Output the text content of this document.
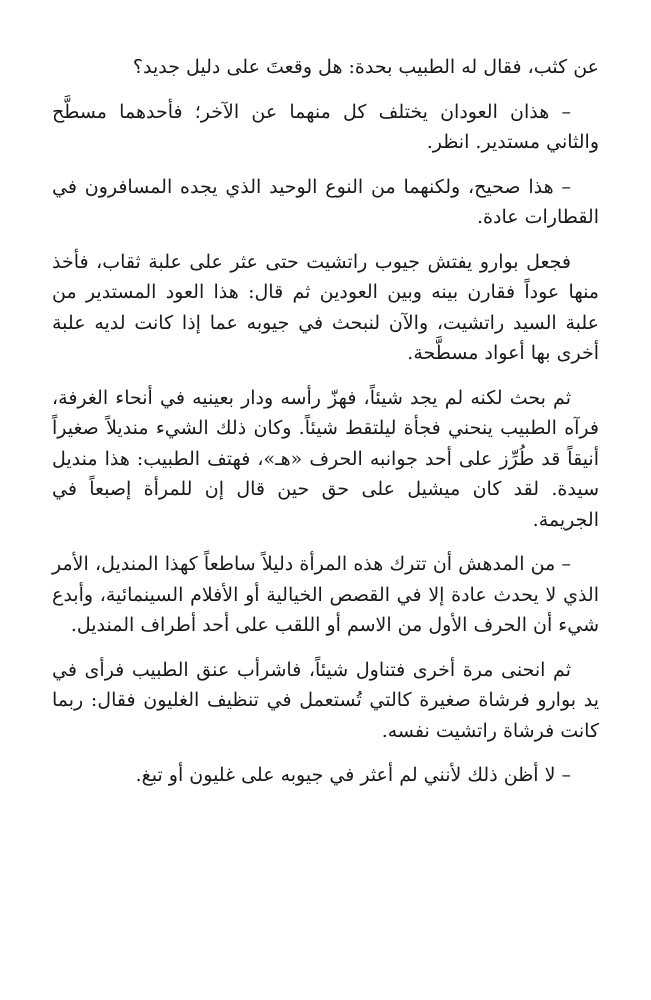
عن كثب، فقال له الطبيب بحدة: هل وقعتَ على دليل جديد؟

– هذان العودان يختلف كل منهما عن الآخر؛ فأحدهما مسطَّح والثاني مستدير. انظر.

– هذا صحيح، ولكنهما من النوع الوحيد الذي يجده المسافرون في القطارات عادة.

فجعل بوارو يفتش جيوب راتشيت حتى عثر على علبة ثقاب، فأخذ منها عوداً فقارن بينه وبين العودين ثم قال: هذا العود المستدير من علبة السيد راتشيت، والآن لنبحث في جيوبه عما إذا كانت لديه علبة أخرى بها أعواد مسطَّحة.

ثم بحث لكنه لم يجد شيئاً، فهزّ رأسه ودار بعينيه في أنحاء الغرفة، فرآه الطبيب ينحني فجأة ليلتقط شيئاً. وكان ذلك الشيء منديلاً صغيراً أنيقاً قد طُرِّز على أحد جوانبه الحرف «هـ»، فهتف الطبيب: هذا منديل سيدة. لقد كان ميشيل على حق حين قال إن للمرأة إصبعاً في الجريمة.

– من المدهش أن تترك هذه المرأة دليلاً ساطعاً كهذا المنديل، الأمر الذي لا يحدث عادة إلا في القصص الخيالية أو الأفلام السينمائية، وأبدع شيء أن الحرف الأول من الاسم أو اللقب على أحد أطراف المنديل.

ثم انحنى مرة أخرى فتناول شيئاً، فاشرأب عنق الطبيب فرأى في يد بوارو فرشاة صغيرة كالتي تُستعمل في تنظيف الغليون فقال: ربما كانت فرشاة راتشيت نفسه.

– لا أظن ذلك لأنني لم أعثر في جيوبه على غليون أو تبغ.
